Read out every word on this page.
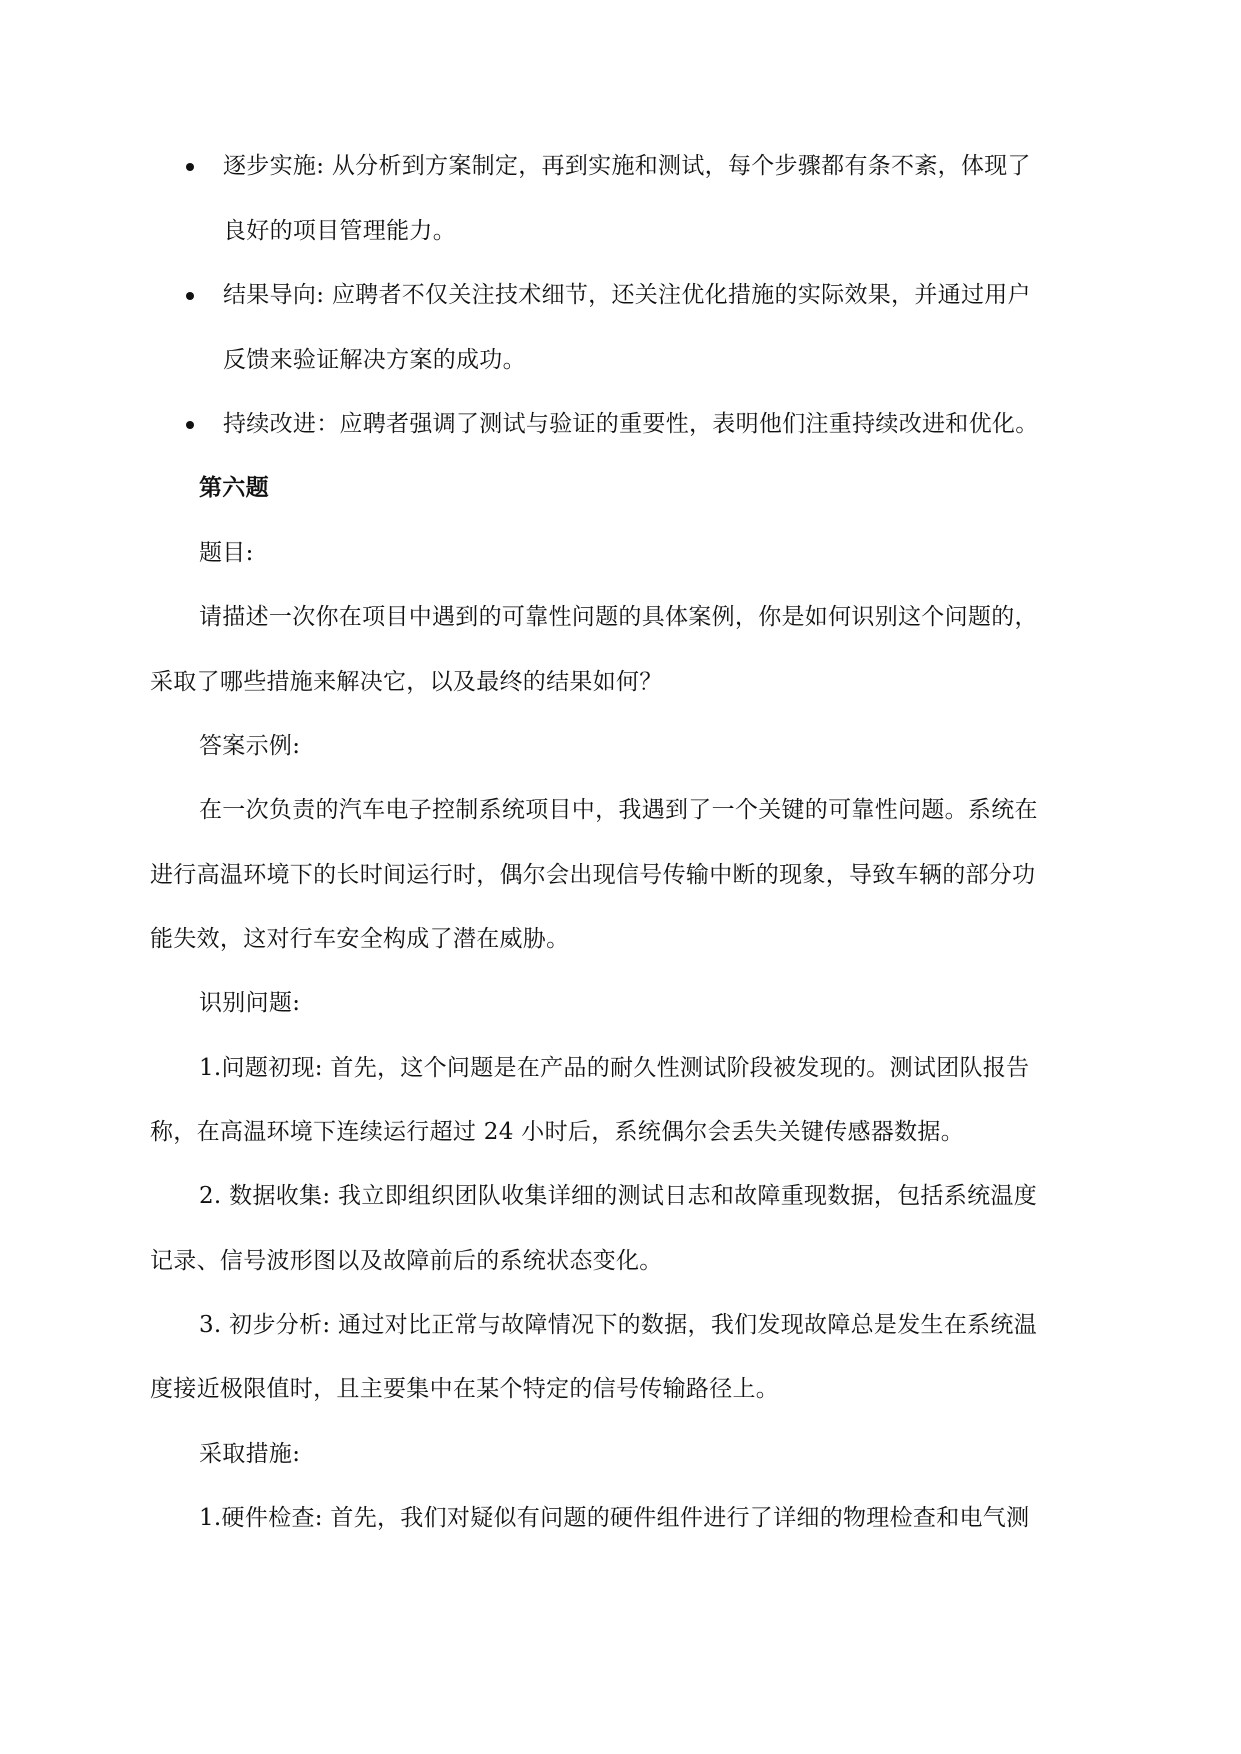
逐步实施: 从分析到方案制定，再到实施和测试，每个步骤都有条不紊，体现了
良好的项目管理能力。
结果导向: 应聘者不仅关注技术细节，还关注优化措施的实际效果，并通过用户
反馈来验证解决方案的成功。
持续改进：应聘者强调了测试与验证的重要性，表明他们注重持续改进和优化。
第六题
题目:
请描述一次你在项目中遇到的可靠性问题的具体案例，你是如何识别这个问题的，
采取了哪些措施来解决它，以及最终的结果如何？
答案示例:
在一次负责的汽车电子控制系统项目中，我遇到了一个关键的可靠性问题。系统在
进行高温环境下的长时间运行时，偶尔会出现信号传输中断的现象，导致车辆的部分功
能失效，这对行车安全构成了潜在威胁。
识别问题:
1.问题初现: 首先，这个问题是在产品的耐久性测试阶段被发现的。测试团队报告
称，在高温环境下连续运行超过 24 小时后，系统偶尔会丢失关键传感器数据。
2. 数据收集: 我立即组织团队收集详细的测试日志和故障重现数据，包括系统温度
记录、信号波形图以及故障前后的系统状态变化。
3. 初步分析: 通过对比正常与故障情况下的数据，我们发现故障总是发生在系统温
度接近极限值时，且主要集中在某个特定的信号传输路径上。
采取措施:
1.硬件检查: 首先，我们对疑似有问题的硬件组件进行了详细的物理检查和电气测
